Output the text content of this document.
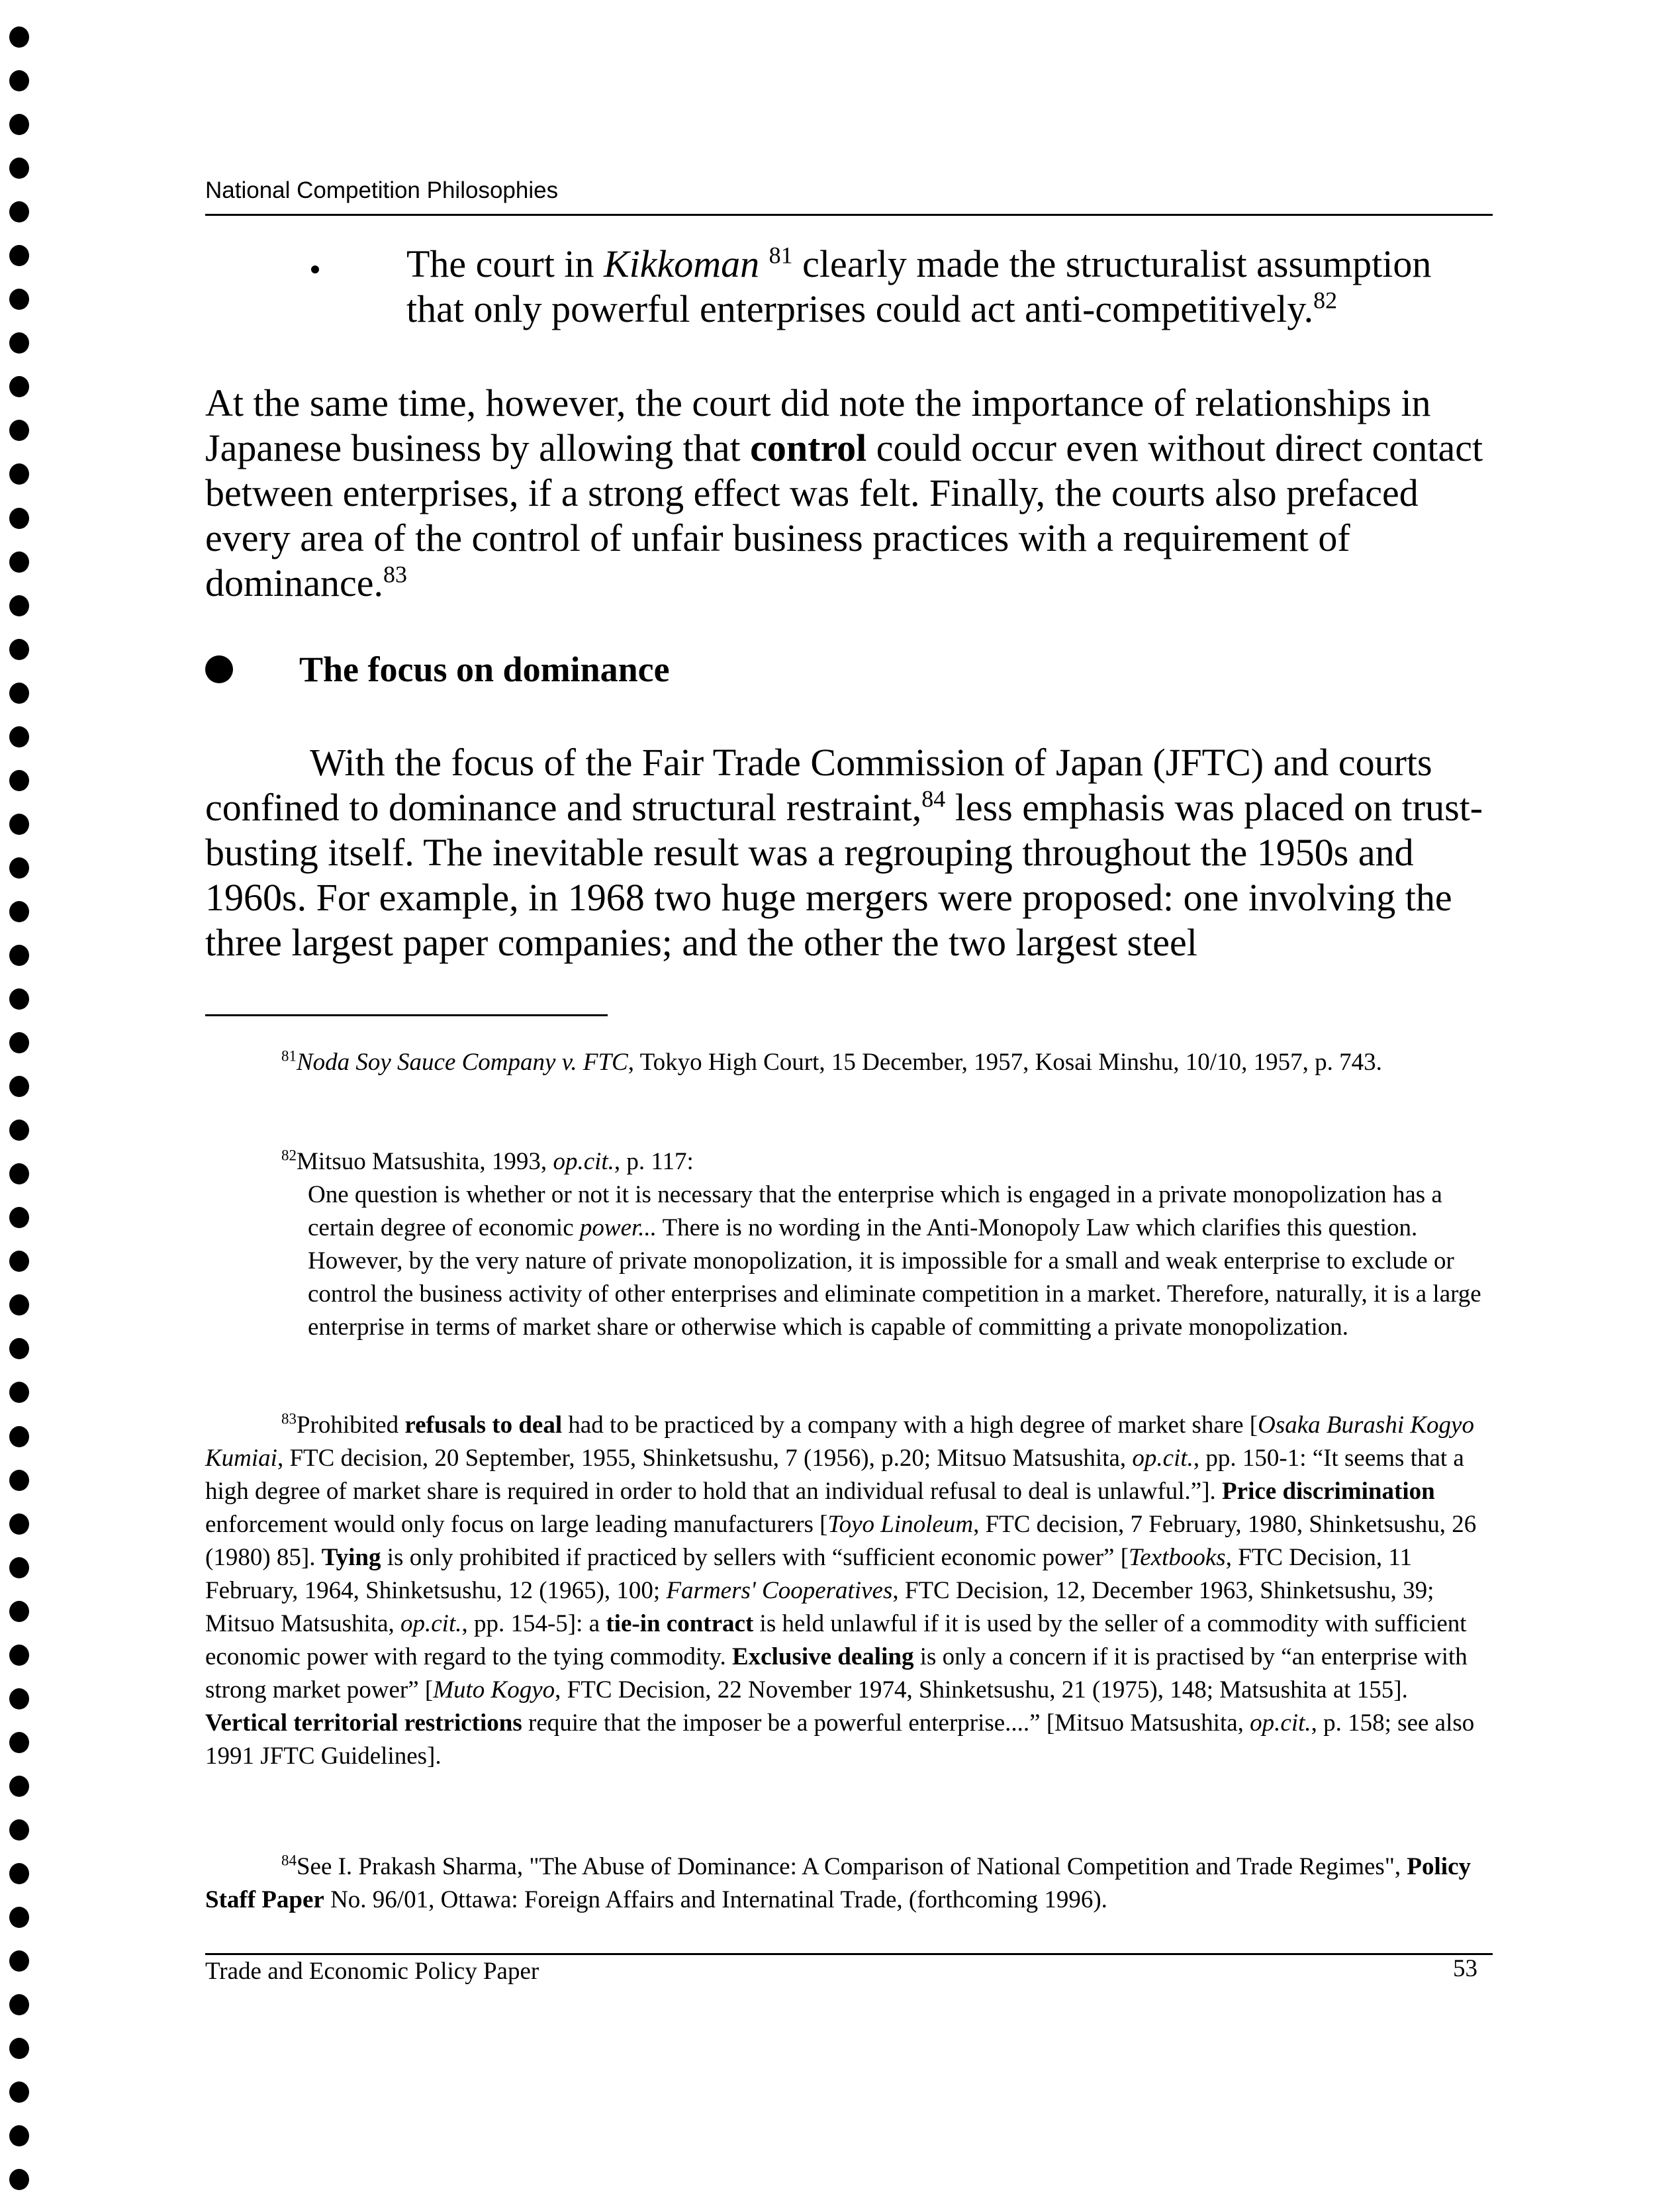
National Competition Philosophies
The court in Kikkoman $^{81}$ clearly made the structuralist assumption that only powerful enterprises could act anti-competitively.$^{82}$
At the same time, however, the court did note the importance of relationships in Japanese business by allowing that control could occur even without direct contact between enterprises, if a strong effect was felt. Finally, the courts also prefaced every area of the control of unfair business practices with a requirement of dominance.$^{83}$
The focus on dominance
With the focus of the Fair Trade Commission of Japan (JFTC) and courts confined to dominance and structural restraint,$^{84}$ less emphasis was placed on trust-busting itself. The inevitable result was a regrouping throughout the 1950s and 1960s. For example, in 1968 two huge mergers were proposed: one involving the three largest paper companies; and the other the two largest steel
$^{81}$Noda Soy Sauce Company v. FTC, Tokyo High Court, 15 December, 1957, Kosai Minshu, 10/10, 1957, p. 743.
$^{82}$Mitsuo Matsushita, 1993, op.cit., p. 117:
One question is whether or not it is necessary that the enterprise which is engaged in a private monopolization has a certain degree of economic power... There is no wording in the Anti-Monopoly Law which clarifies this question. However, by the very nature of private monopolization, it is impossible for a small and weak enterprise to exclude or control the business activity of other enterprises and eliminate competition in a market. Therefore, naturally, it is a large enterprise in terms of market share or otherwise which is capable of committing a private monopolization.
$^{83}$Prohibited refusals to deal had to be practiced by a company with a high degree of market share [Osaka Burashi Kogyo Kumiai, FTC decision, 20 September, 1955, Shinketsushu, 7 (1956), p.20; Mitsuo Matsushita, op.cit., pp. 150-1: “It seems that a high degree of market share is required in order to hold that an individual refusal to deal is unlawful.”]. Price discrimination enforcement would only focus on large leading manufacturers [Toyo Linoleum, FTC decision, 7 February, 1980, Shinketsushu, 26 (1980) 85]. Tying is only prohibited if practiced by sellers with “sufficient economic power” [Textbooks, FTC Decision, 11 February, 1964, Shinketsushu, 12 (1965), 100; Farmers' Cooperatives, FTC Decision, 12, December 1963, Shinketsushu, 39; Mitsuo Matsushita, op.cit., pp. 154-5]: a tie-in contract is held unlawful if it is used by the seller of a commodity with sufficient economic power with regard to the tying commodity. Exclusive dealing is only a concern if it is practised by “an enterprise with strong market power” [Muto Kogyo, FTC Decision, 22 November 1974, Shinketsushu, 21 (1975), 148; Matsushita at 155]. Vertical territorial restrictions require that the imposer be a powerful enterprise....” [Mitsuo Matsushita, op.cit., p. 158; see also 1991 JFTC Guidelines].
$^{84}$See I. Prakash Sharma, "The Abuse of Dominance: A Comparison of National Competition and Trade Regimes", Policy Staff Paper No. 96/01, Ottawa: Foreign Affairs and Internatinal Trade, (forthcoming 1996).
Trade and Economic Policy Paper	53
